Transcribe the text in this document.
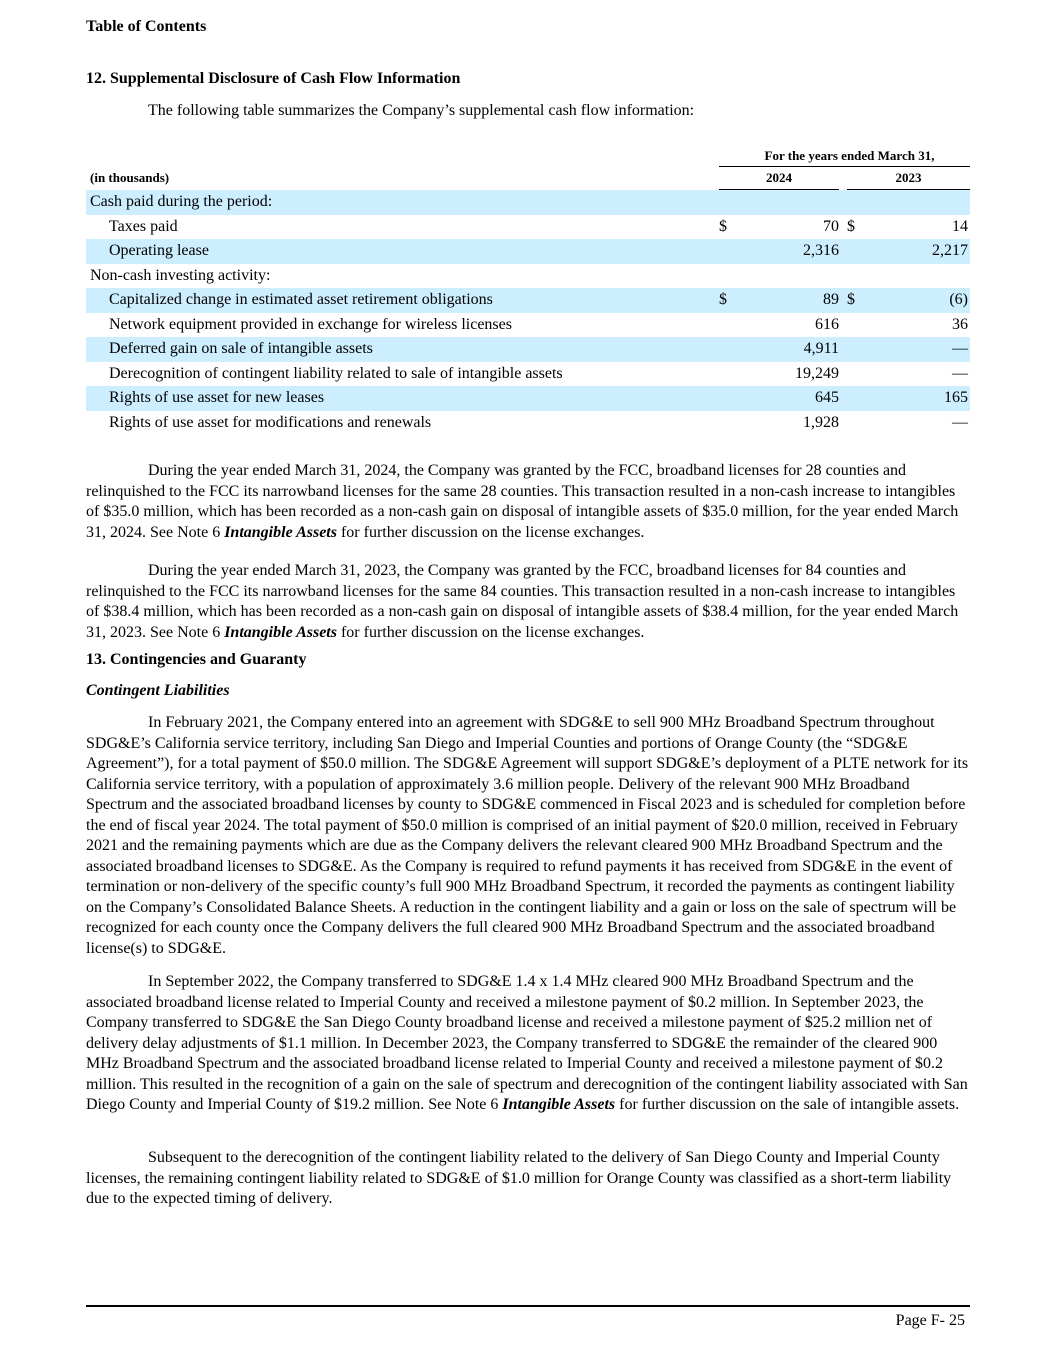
Table of Contents
12. Supplemental Disclosure of Cash Flow Information

The following table summarizes the Company’s supplemental cash flow information:

	For the years ended March 31,				
(in thousands)	2024			2023	
Cash paid during the period:					
Taxes paid	$	70		$	14
Operating lease		2,316			2,217
Non-cash investing activity:					
Capitalized change in estimated asset retirement obligations	$	89		$	(6)
Network equipment provided in exchange for wireless licenses		616			36
Deferred gain on sale of intangible assets		4,911			—
Derecognition of contingent liability related to sale of intangible assets		19,249			—
Rights of use asset for new leases		645			165
Rights of use asset for modifications and renewals		1,928			—

During the year ended March 31, 2024, the Company was granted by the FCC, broadband licenses for 28 counties and relinquished to the FCC its narrowband licenses for the same 28 counties. This transaction resulted in a non-cash increase to intangibles of $35.0 million, which has been recorded as a non-cash gain on disposal of intangible assets of $35.0 million, for the year ended March 31, 2024. See Note 6 Intangible Assets for further discussion on the license exchanges.

During the year ended March 31, 2023, the Company was granted by the FCC, broadband licenses for 84 counties and relinquished to the FCC its narrowband licenses for the same 84 counties. This transaction resulted in a non-cash increase to intangibles of $38.4 million, which has been recorded as a non-cash gain on disposal of intangible assets of $38.4 million, for the year ended March 31, 2023. See Note 6 Intangible Assets for further discussion on the license exchanges.

13. Contingencies and Guaranty
Contingent Liabilities

In February 2021, the Company entered into an agreement with SDG&E to sell 900 MHz Broadband Spectrum throughout SDG&E’s California service territory, including San Diego and Imperial Counties and portions of Orange County (the “SDG&E Agreement”), for a total payment of $50.0 million. The SDG&E Agreement will support SDG&E’s deployment of a PLTE network for its California service territory, with a population of approximately 3.6 million people. Delivery of the relevant 900 MHz Broadband Spectrum and the associated broadband licenses by county to SDG&E commenced in Fiscal 2023 and is scheduled for completion before the end of fiscal year 2024. The total payment of $50.0 million is comprised of an initial payment of $20.0 million, received in February 2021 and the remaining payments which are due as the Company delivers the relevant cleared 900 MHz Broadband Spectrum and the associated broadband licenses to SDG&E. As the Company is required to refund payments it has received from SDG&E in the event of termination or non-delivery of the specific county’s full 900 MHz Broadband Spectrum, it recorded the payments as contingent liability on the Company’s Consolidated Balance Sheets. A reduction in the contingent liability and a gain or loss on the sale of spectrum will be recognized for each county once the Company delivers the full cleared 900 MHz Broadband Spectrum and the associated broadband license(s) to SDG&E.

In September 2022, the Company transferred to SDG&E 1.4 x 1.4 MHz cleared 900 MHz Broadband Spectrum and the associated broadband license related to Imperial County and received a milestone payment of $0.2 million. In September 2023, the Company transferred to SDG&E the San Diego County broadband license and received a milestone payment of $25.2 million net of delivery delay adjustments of $1.1 million. In December 2023, the Company transferred to SDG&E the remainder of the cleared 900 MHz Broadband Spectrum and the associated broadband license related to Imperial County and received a milestone payment of $0.2 million. This resulted in the recognition of a gain on the sale of spectrum and derecognition of the contingent liability associated with San Diego County and Imperial County of $19.2 million. See Note 6 Intangible Assets for further discussion on the sale of intangible assets.

Subsequent to the derecognition of the contingent liability related to the delivery of San Diego County and Imperial County licenses, the remaining contingent liability related to SDG&E of $1.0 million for Orange County was classified as a short-term liability due to the expected timing of delivery.

Page F- 25
